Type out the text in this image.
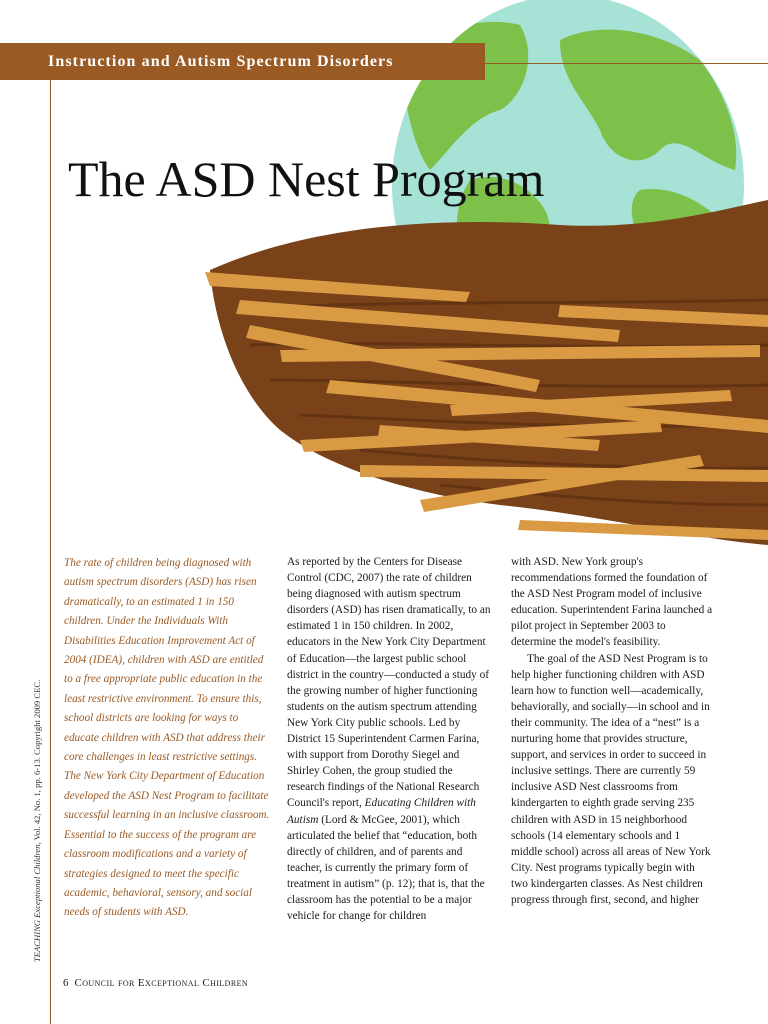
Instruction and Autism Spectrum Disorders
The ASD Nest Program
TEACHING Exceptional Children, Vol. 42, No. 1, pp. 6-13. Copyright 2009 CEC.

The rate of children being diagnosed with autism spectrum disorders (ASD) has risen dramatically, to an estimated 1 in 150 children. Under the Individuals With Disabilities Education Improvement Act of 2004 (IDEA), children with ASD are entitled to a free appropriate public education in the least restrictive environment. To ensure this, school districts are looking for ways to educate children with ASD that address their core challenges in least restrictive settings. The New York City Department of Education developed the ASD Nest Program to facilitate successful learning in an inclusive classroom. Essential to the success of the program are classroom modifications and a variety of strategies designed to meet the specific academic, behavioral, sensory, and social needs of students with ASD.

As reported by the Centers for Disease Control (CDC, 2007) the rate of children being diagnosed with autism spectrum disorders (ASD) has risen dramatically, to an estimated 1 in 150 children. In 2002, educators in the New York City Department of Education—the largest public school district in the country—conducted a study of the growing number of higher functioning students on the autism spectrum attending New York City public schools. Led by District 15 Superintendent Carmen Farina, with support from Dorothy Siegel and Shirley Cohen, the group studied the research findings of the National Research Council's report, Educating Children with Autism (Lord & McGee, 2001), which articulated the belief that “education, both directly of children, and of parents and teacher, is currently the primary form of treatment in autism” (p. 12); that is, that the classroom has the potential to be a major vehicle for change for children

with ASD. New York group's recommendations formed the foundation of the ASD Nest Program model of inclusive education. Superintendent Farina launched a pilot project in September 2003 to determine the model's feasibility.

The goal of the ASD Nest Program is to help higher functioning children with ASD learn how to function well—academically, behaviorally, and socially—in school and in their community. The idea of a “nest” is a nurturing home that provides structure, support, and services in order to succeed in inclusive settings. There are currently 59 inclusive ASD Nest classrooms from kindergarten to eighth grade serving 235 children with ASD in 15 neighborhood schools (14 elementary schools and 1 middle school) across all areas of New York City. Nest programs typically begin with two kindergarten classes. As Nest children progress through first, second, and higher

6 Council for Exceptional Children
